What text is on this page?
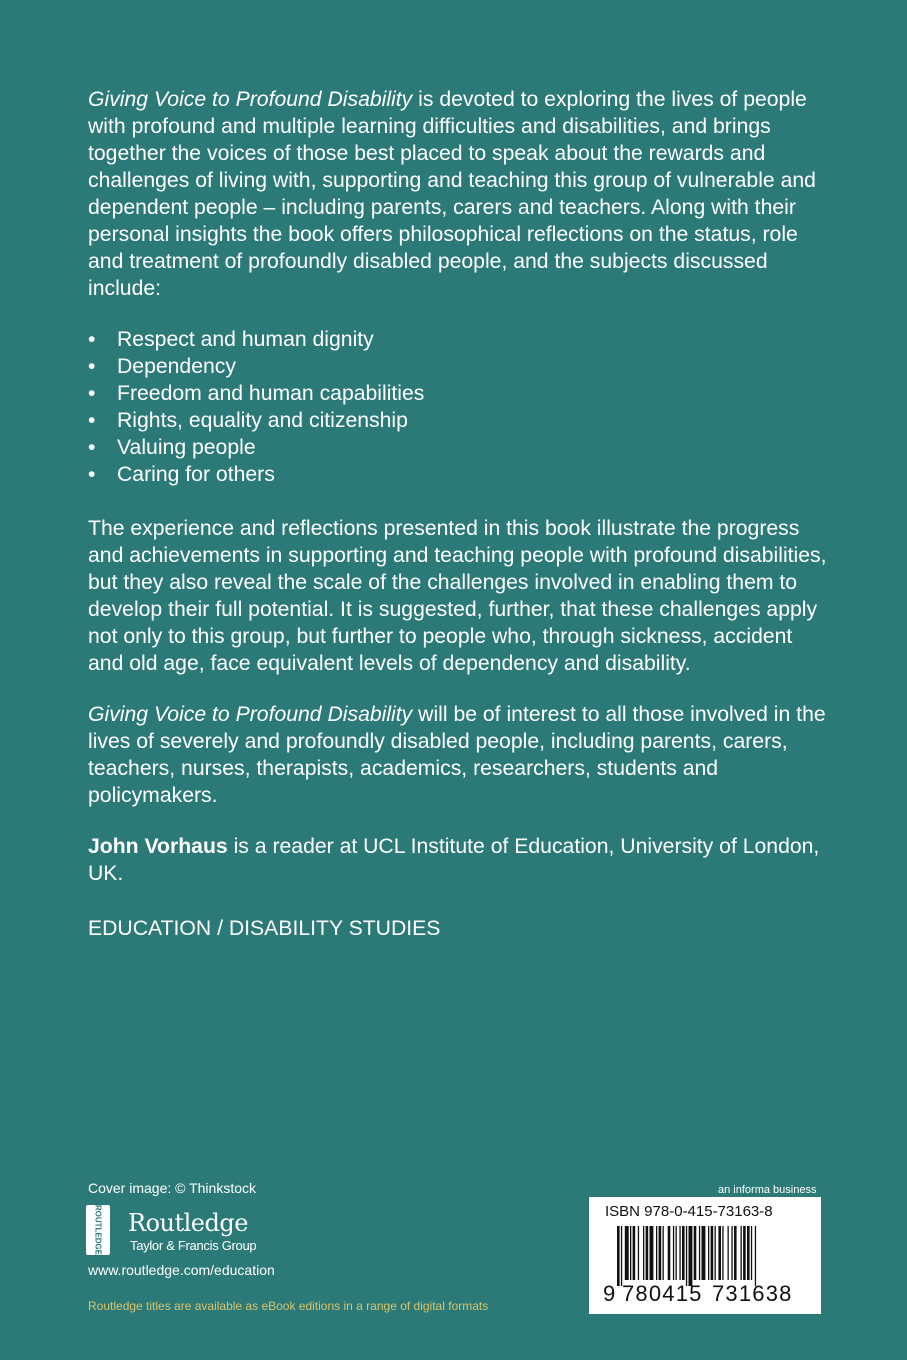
Giving Voice to Profound Disability is devoted to exploring the lives of people with profound and multiple learning difficulties and disabilities, and brings together the voices of those best placed to speak about the rewards and challenges of living with, supporting and teaching this group of vulnerable and dependent people – including parents, carers and teachers. Along with their personal insights the book offers philosophical reflections on the status, role and treatment of profoundly disabled people, and the subjects discussed include:

• Respect and human dignity
• Dependency
• Freedom and human capabilities
• Rights, equality and citizenship
• Valuing people
• Caring for others

The experience and reflections presented in this book illustrate the progress and achievements in supporting and teaching people with profound disabilities, but they also reveal the scale of the challenges involved in enabling them to develop their full potential. It is suggested, further, that these challenges apply not only to this group, but further to people who, through sickness, accident and old age, face equivalent levels of dependency and disability.

Giving Voice to Profound Disability will be of interest to all those involved in the lives of severely and profoundly disabled people, including parents, carers, teachers, nurses, therapists, academics, researchers, students and policymakers.

John Vorhaus is a reader at UCL Institute of Education, University of London, UK.

EDUCATION / DISABILITY STUDIES
Cover image: © Thinkstock
ROUTLEDGE Routledge
Taylor & Francis Group
www.routledge.com/education
Routledge titles are available as eBook editions in a range of digital formats
an informa business
ISBN 978-0-415-73163-8
9 780415 731638
